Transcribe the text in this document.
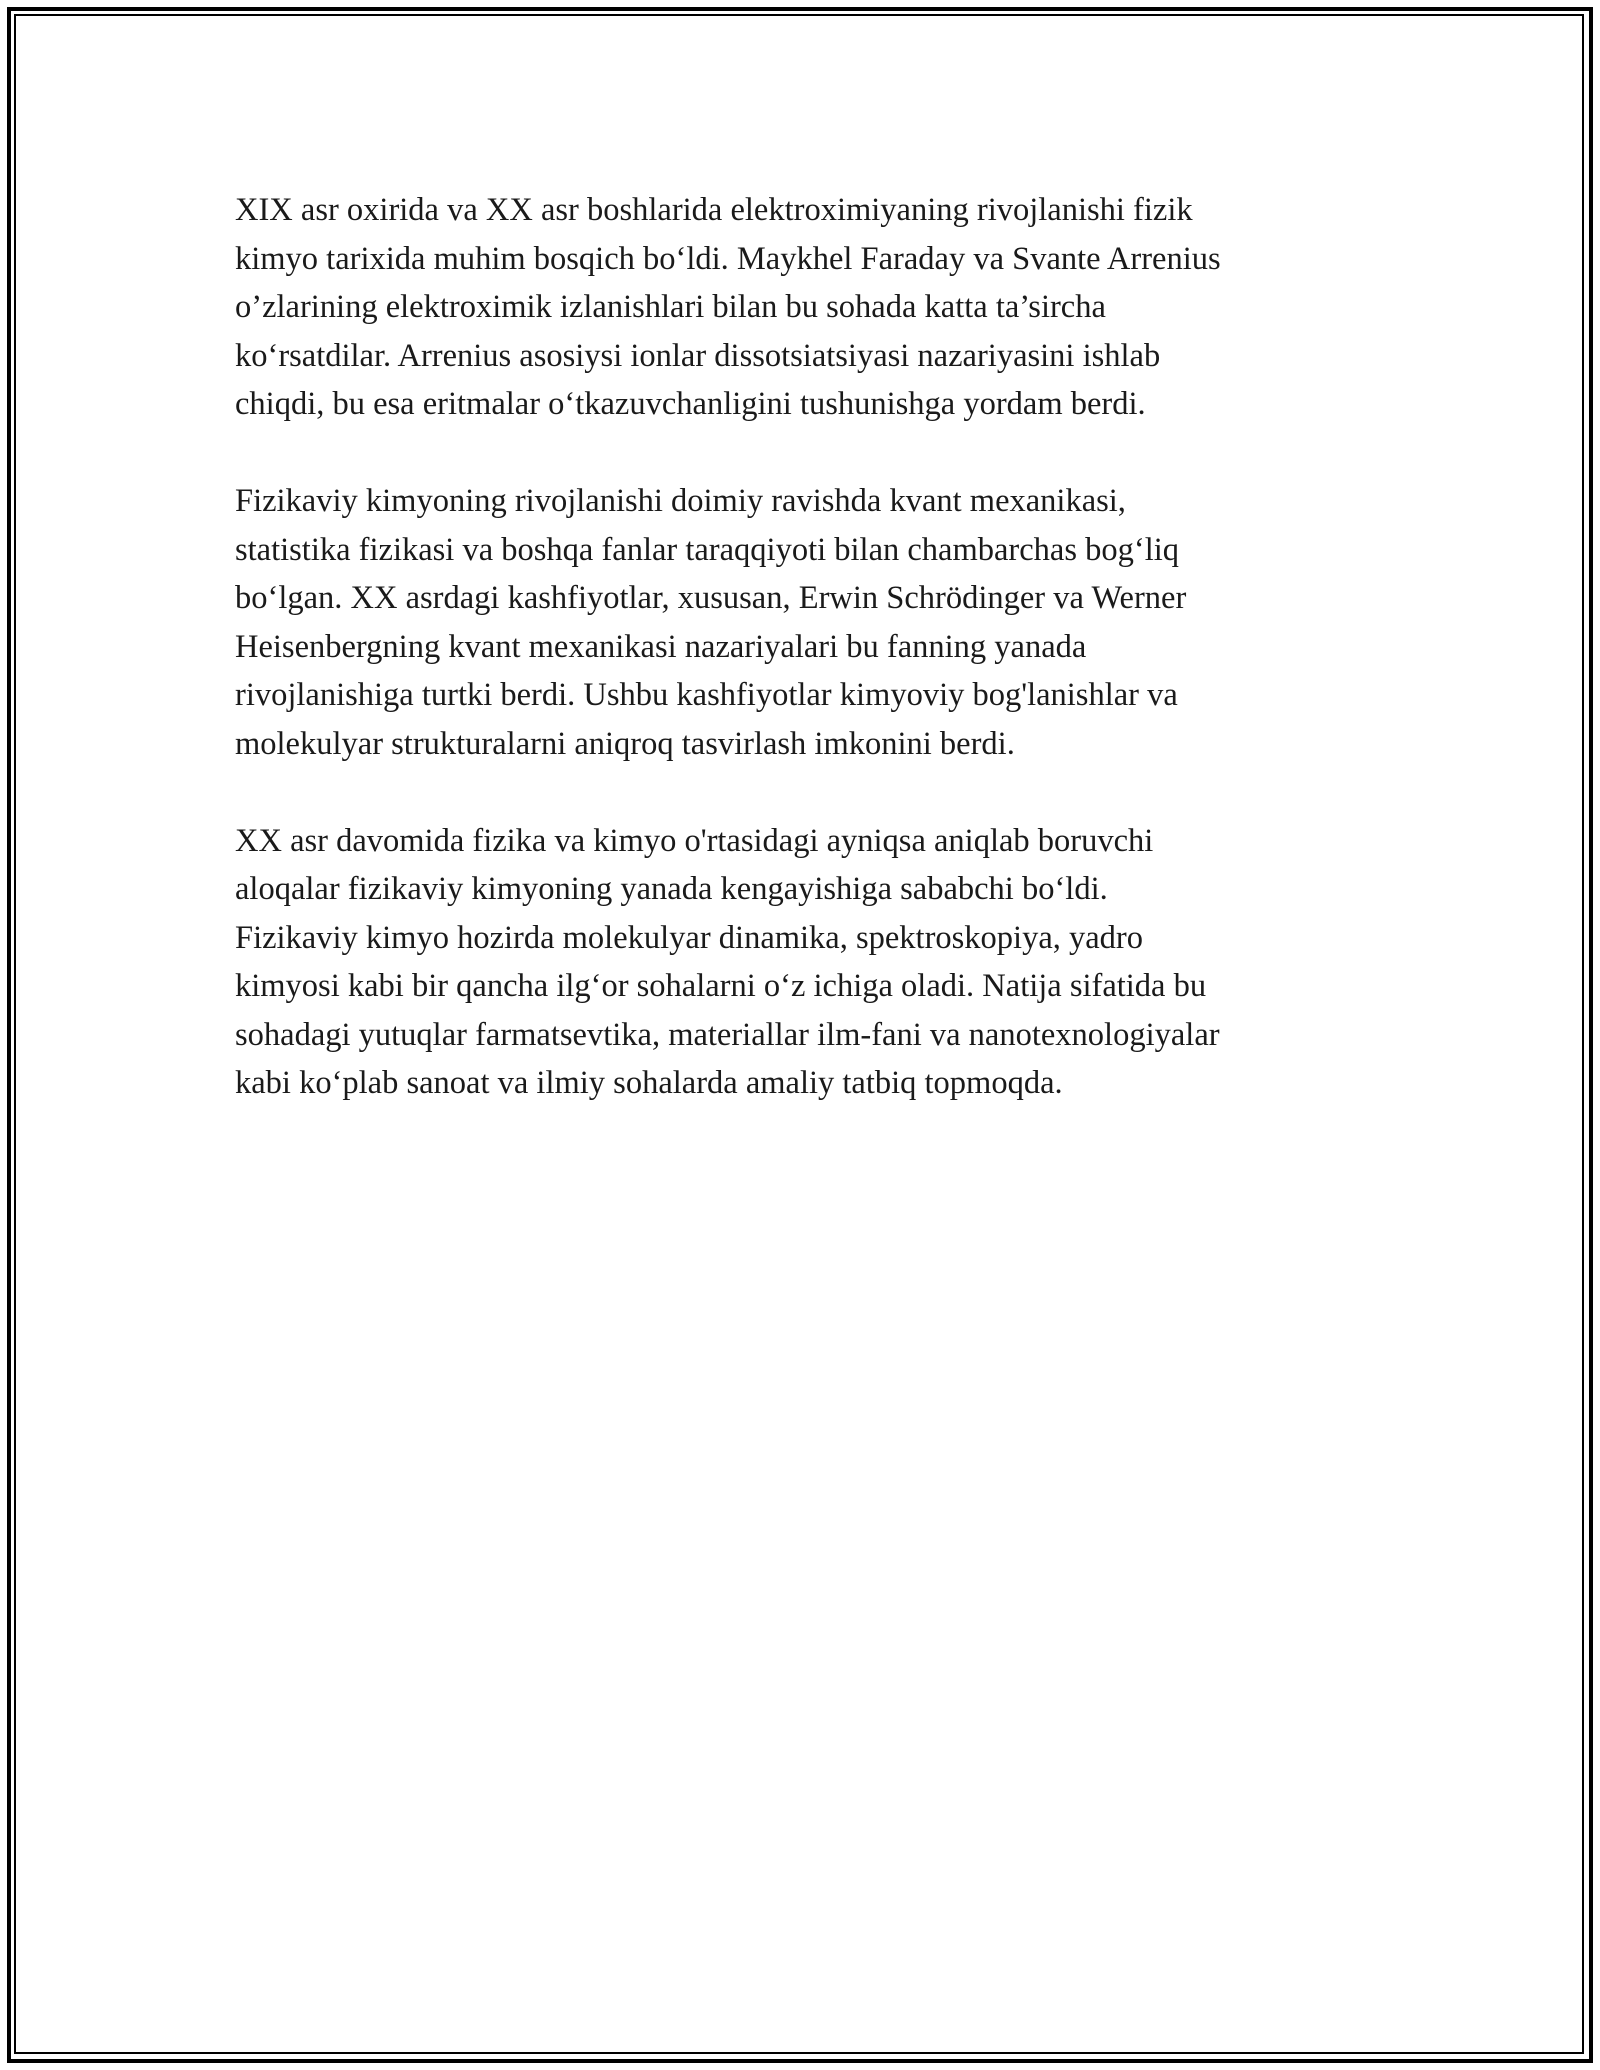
XIX asr oxirida va XX asr boshlarida elektroximiyaning rivojlanishi fizik
kimyo tarixida muhim bosqich bo‘ldi. Maykhel Faraday va Svante Arrenius
o’zlarining elektroximik izlanishlari bilan bu sohada katta ta’sircha
ko‘rsatdilar. Arrenius asosiysi ionlar dissotsiatsiyasi nazariyasini ishlab
chiqdi, bu esa eritmalar o‘tkazuvchanligini tushunishga yordam berdi.

Fizikaviy kimyoning rivojlanishi doimiy ravishda kvant mexanikasi,
statistika fizikasi va boshqa fanlar taraqqiyoti bilan chambarchas bog‘liq
bo‘lgan. XX asrdagi kashfiyotlar, xususan, Erwin Schrödinger va Werner
Heisenbergning kvant mexanikasi nazariyalari bu fanning yanada
rivojlanishiga turtki berdi. Ushbu kashfiyotlar kimyoviy bog'lanishlar va
molekulyar strukturalarni aniqroq tasvirlash imkonini berdi.

XX asr davomida fizika va kimyo o'rtasidagi ayniqsa aniqlab boruvchi
aloqalar fizikaviy kimyoning yanada kengayishiga sababchi bo‘ldi.
Fizikaviy kimyo hozirda molekulyar dinamika, spektroskopiya, yadro
kimyosi kabi bir qancha ilg‘or sohalarni o‘z ichiga oladi. Natija sifatida bu
sohadagi yutuqlar farmatsevtika, materiallar ilm-fani va nanotexnologiyalar
kabi ko‘plab sanoat va ilmiy sohalarda amaliy tatbiq topmoqda.
